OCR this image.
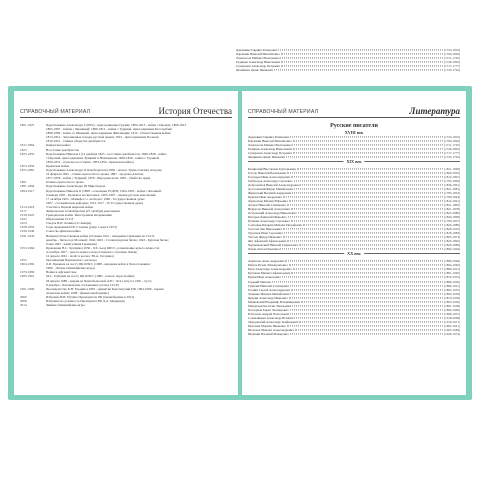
Державин Гавриил Романович	(1743-1816)
Карамзин Николай Михайлович	(1766-1826)
Ломоносов Михаил Васильевич	(1711-1765)
Радищев Александр Николаевич	(1749-1802)
Сумароков Александр Петрович	(1717-1777)
Фонвизин Денис Иванович	(1745-1792)
СПРАВОЧНЫЙ МАТЕРИАЛ	История Отечества
1801-1825	Царствование Александра I (1801) - присоединение Грузии; 1804-1813 - война с Ираном; 1806-1812
1805-1807 - войны с Францией; 1806-1812 - война с Турцией, присоединение Бессарабии;
1808-1809 - война со Швецией, присоединение Финляндии; 1812 - Отечественная война;
1813-1814 - Заграничные походы русской армии; 1815 - присоединение Польши
1816-1821 - тайные общества декабристов
1817-1864	Кавказская война
1825	Восстание декабристов
1825-1855	Царствование Николая I (14 декабря 1825 - восстание декабристов; 1826-1828 - война
с Персией, присоединение Эривани и Нахичевани; 1828-1829 - война с Турцией;
1830-1831 - польское восстание; 1853-1856 - Крымская война)
1853-1856	Крымская война
1855-1881	Царствование Александра II Освободителя (1856 - начало Туркестанских походов;
19 февраля 1861 - отмена крепостного права; 1867 - продажа Аляски;
1877-1878 - война с Турцией; 1879 - Народная воля; 1881 - убийство царя)
1861	Отмена крепостного права
1881-1894	Царствование Александра III Миротворца
1894-1917	Царствование Николая II (1898 - основание РСДРП; 1904-1905 - война с Японией;
9 января 1905 - Кровавое воскресенье; 1905-1907 - первая русская революция;
17 октября 1905 - Манифест о свободах; 1906 - Государственная дума;
1907 - столыпинская реформа; 1912-1917 - IV Государственная дума)
1914-1918	Участие в Первой мировой войне
1917	Февральская и Октябрьская (25 октября) революции
1918-1922	Гражданская война. Иностранная интервенция
1922	Образование СССР
1924	Смерть В.И. Ленина (21 января)
1928-1953	Годы правления И.В. Сталина (умер 5 марта 1953)
1939-1940	Советско-финская война
1941-1945	Великая Отечественная война (22 июня 1941 - нападение Германии на СССР,
декабрь - битва под Москвой; 1942-1943 - Сталинградская битва; 1943 - Курская битва;
9 мая 1945 - капитуляция Германии)
1953-1964	Правление Н.С. Хрущёва (1956 - XX съезд КПСС, развенчание культа личности;
4 октября 1957 - запуск первого искусственного спутника Земли;
12 апреля 1961 - полёт в космос Ю.А. Гагарина)
1955	Организация Варшавского договора
1964-1982	Л.И. Брежнев на посту ЦК КПСС (1968 - введение войск в Чехословакию;
1980 - Летние Олимпийские игры)
1979-1989	Война в Афганистане
1985-1991	М.С. Горбачёв на посту ЦК КПСС (1985 - начало перестройки;
26 апреля 1986 - авария на Чернобыльской АЭС; 19-21 августа 1991 - путч;
8 декабря - Беловежские соглашения; распад СССР)
1991-1999	Президентство Б.Н. Ельцина (1993 - принятие Конституции РФ; 1994-1996 - первая
чеченская война; 1998 - финансовый кризис)
2000	Избрание В.В. Путина Президентом РФ (переизбрание в 2012)
2008	Избрание на должность Президента РФ Д.А. Медведева
2014	Зимние Олимпийские игры
СПРАВОЧНЫЙ МАТЕРИАЛ	Литература
Русские писатели
XVIII век
Державин Гавриил Романович	(1743-1816)
Карамзин Николай Михайлович	(1766-1826)
Ломоносов Михаил Васильевич	(1711-1765)
Радищев Александр Николаевич	(1749-1802)
Сумароков Александр Петрович	(1717-1777)
Фонвизин Денис Иванович	(1745-1792)
XIX век
Белинский Виссарион Григорьевич	(1811-1848)
Гоголь Николай Васильевич	(1809-1852)
Гончаров Иван Александрович	(1812-1891)
Грибоедов Александр Сергеевич	(1795-1829)
Добролюбов Николай Александрович	(1836-1861)
Достоевский Фёдор Михайлович	(1821-1881)
Жуковский Василий Андреевич	(1783-1852)
Крылов Иван Андреевич	(1769-1844)
Лермонтов Михаил Юрьевич	(1814-1841)
Лесков Николай Семёнович	(1831-1895)
Некрасов Николай Алексеевич	(1821-1878)
Островский Александр Николаевич	(1823-1886)
Писарев Дмитрий Иванович	(1840-1868)
Пушкин Александр Сергеевич	(1799-1837)
Салтыков-Щедрин Михаил Евграфович	(1826-1889)
Толстой Лев Николаевич	(1828-1910)
Тургенев Иван Сергеевич	(1818-1883)
Тютчев Фёдор Иванович	(1803-1873)
Фет Афанасий Афанасьевич	(1820-1892)
Чернышевский Николай Гаврилович	(1828-1889)
Чехов Антон Павлович	(1860-1904)
XX век
Ахматова Анна Андреевна	(1889-1966)
Бабель Исаак Эммануилович	(1894-1940)
Блок Александр Александрович	(1880-1921)
Булгаков Михаил Афанасьевич	(1891-1940)
Бунин Иван Алексеевич	(1870-1953)
Горький Максим	(1868-1936)
Гумилёв Николай Степанович	(1886-1921)
Есенин Сергей Александрович	(1895-1925)
Зощенко Михаил Михайлович	(1894-1958)
Куприн Александр Иванович	(1870-1938)
Маяковский Владимир Владимирович	(1893-1930)
Мандельштам Осип Эмильевич	(1891-1938)
Пастернак Борис Леонидович	(1890-1960)
Платонов Андрей Платонович	(1899-1951)
Солженицын Александр Исаевич	(1918-2008)
Твардовский Александр Трифонович	(1910-1971)
Цветаева Марина Ивановна	(1892-1941)
Шолохов Михаил Александрович	(1905-1984)
Шукшин Василий Макарович	(1929-1974)
